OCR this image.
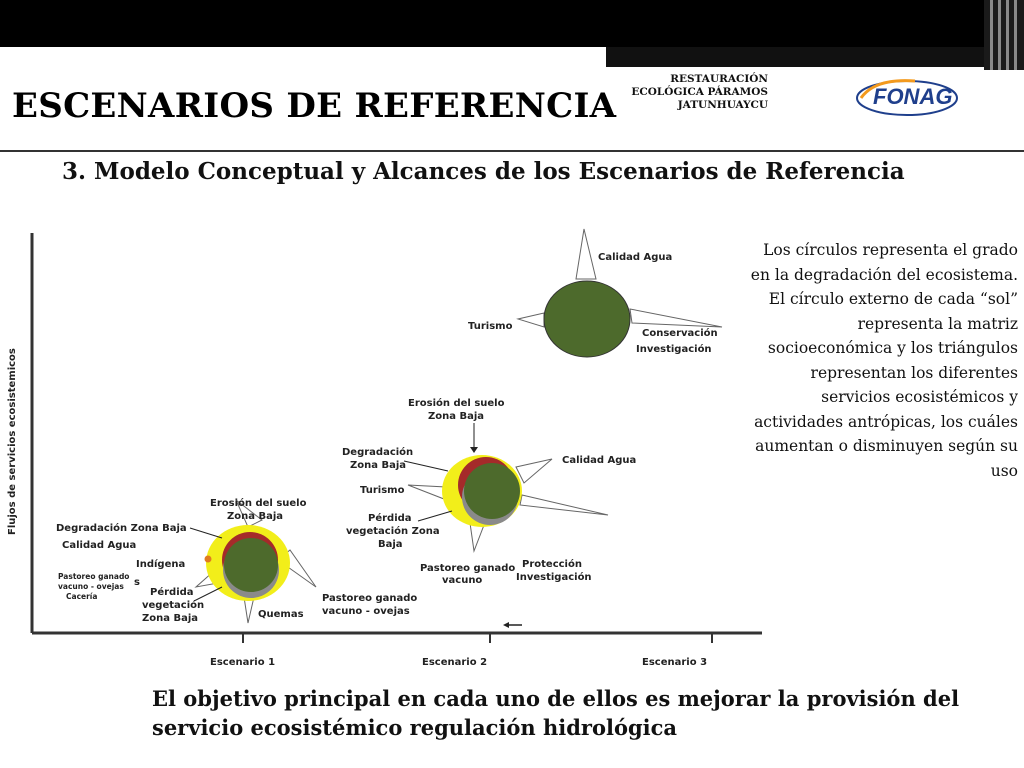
ESCENARIOS DE REFERENCIA
RESTAURACIÓN
ECOLÓGICA PÁRAMOS
JATUNHUAYCU	FONAG
3. Modelo Conceptual y Alcances de los Escenarios de Referencia
Flujos de servicios ecosistemicos
Escenario 1	Escenario 2	Escenario 3
Erosión del suelo
Zona Baja
Degradación Zona Baja
Calidad Agua
Indígena
s
Pastoreo ganado
vacuno - ovejas
Cacería	Pérdida
vegetación
Zona Baja	Quemas
Pastoreo ganado
vacuno - ovejas
Erosión del suelo
Zona Baja
Degradación
Zona Baja
Turismo
Pérdida
vegetación Zona
Baja
Calidad Agua
Pastoreo ganado
vacuno
Protección
Investigación
Calidad Agua
Turismo
Conservación
Investigación
Los círculos representa el grado en la degradación del ecosistema. El círculo externo de cada “sol” representa la matriz socioeconómica y los triángulos representan los diferentes servicios ecosistémicos y actividades antrópicas, los cuáles aumentan o disminuyen según su uso
El objetivo principal en cada uno de ellos es mejorar la provisión del servicio ecosistémico regulación hidrológica
